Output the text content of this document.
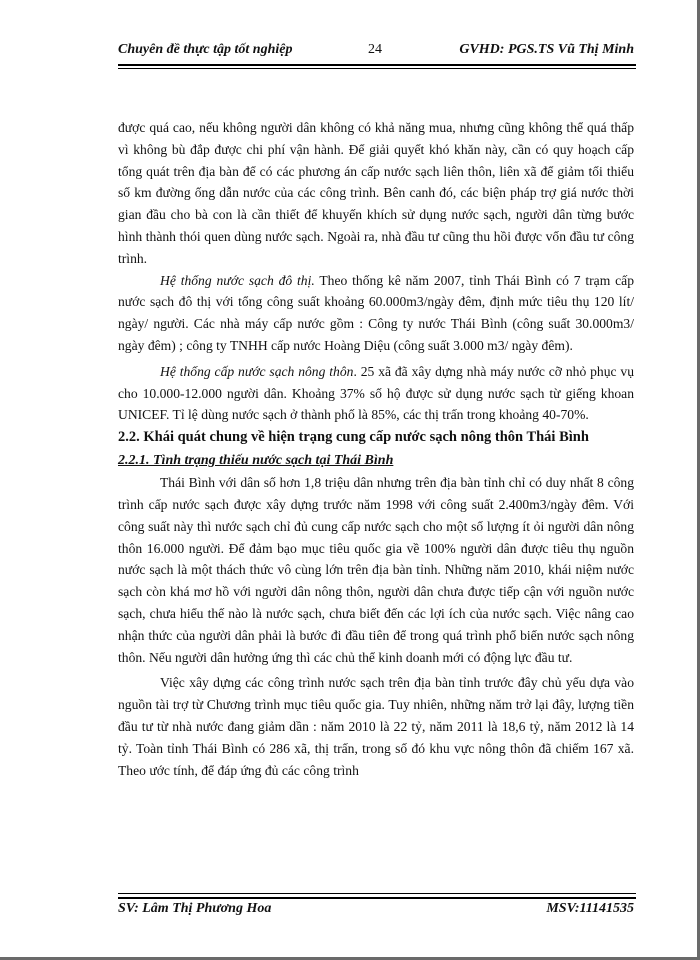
Chuyên đề thực tập tốt nghiệp	24	GVHD: PGS.TS Vũ Thị Minh

được quá cao, nếu không người dân không có khả năng mua, nhưng cũng không thể quá thấp vì không bù đắp được chi phí vận hành. Để giải quyết khó khăn này, cần có quy hoạch cấp tổng quát trên địa bàn để có các phương án cấp nước sạch liên thôn, liên xã để giảm tối thiểu số km đường ống dẫn nước của các công trình. Bên canh đó, các biện pháp trợ giá nước thời gian đầu cho bà con là cần thiết để khuyến khích sử dụng nước sạch, người dân từng bước hình thành thói quen dùng nước sạch. Ngoài ra, nhà đầu tư cũng thu hồi được vốn đầu tư công trình.

Hệ thống nước sạch đô thị. Theo thống kê năm 2007, tỉnh Thái Bình có 7 trạm cấp nước sạch đô thị với tổng công suất khoảng 60.000m3/ngày đêm, định mức tiêu thụ 120 lít/ ngày/ người. Các nhà máy cấp nước gồm : Công ty nước Thái Bình (công suất 30.000m3/ ngày đêm) ; công ty TNHH cấp nước Hoàng Diệu (công suất 3.000 m3/ ngày đêm).

Hệ thống cấp nước sạch nông thôn. 25 xã đã xây dựng nhà máy nước cỡ nhỏ phục vụ cho 10.000-12.000 người dân. Khoảng 37% số hộ được sử dụng nước sạch từ giếng khoan UNICEF. Tỉ lệ dùng nước sạch ở thành phố là 85%, các thị trấn trong khoảng 40-70%.

2.2. Khái quát chung về hiện trạng cung cấp nước sạch nông thôn Thái Bình
2.2.1. Tình trạng thiếu nước sạch tại Thái Bình

Thái Bình với dân số hơn 1,8 triệu dân nhưng trên địa bàn tỉnh chỉ có duy nhất 8 công trình cấp nước sạch được xây dựng trước năm 1998 với công suất 2.400m3/ngày đêm. Với công suất này thì nước sạch chỉ đủ cung cấp nước sạch cho một số lượng ít ỏi người dân nông thôn 16.000 người. Để đảm bạo mục tiêu quốc gia về 100% người dân được tiêu thụ nguồn nước sạch là một thách thức vô cùng lớn trên địa bàn tỉnh. Những năm 2010, khái niệm nước sạch còn khá mơ hồ với người dân nông thôn, người dân chưa được tiếp cận với nguồn nước sạch, chưa hiểu thế nào là nước sạch, chưa biết đến các lợi ích của nước sạch. Việc nâng cao nhận thức của người dân phải là bước đi đầu tiên để trong quá trình phổ biến nước sạch nông thôn. Nếu người dân hưởng ứng thì các chủ thể kinh doanh mới có động lực đầu tư.

Việc xây dựng các công trình nước sạch trên địa bàn tỉnh trước đây chủ yếu dựa vào nguồn tài trợ từ Chương trình mục tiêu quốc gia. Tuy nhiên, những năm trở lại đây, lượng tiền đầu tư từ nhà nước đang giảm dần : năm 2010 là 22 tỷ, năm 2011 là 18,6 tỷ, năm 2012 là 14 tỷ. Toàn tỉnh Thái Bình có 286 xã, thị trấn, trong số đó khu vực nông thôn đã chiếm 167 xã. Theo ước tính, để đáp ứng đủ các công trình

SV: Lâm Thị Phương Hoa	MSV:11141535
